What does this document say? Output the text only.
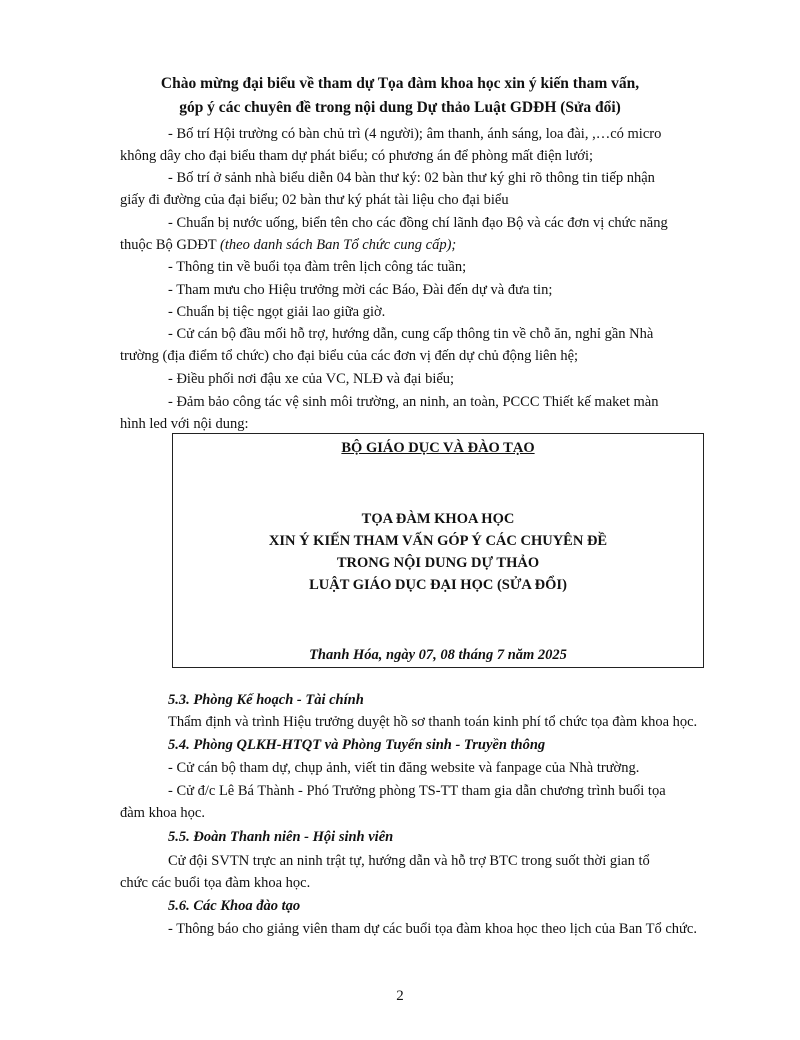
Chào mừng đại biểu về tham dự Tọa đàm khoa học xin ý kiến tham vấn,
góp ý các chuyên đề trong nội dung Dự thảo Luật GDĐH (Sửa đổi)
- Bố trí Hội trường có bàn chủ trì (4 người); âm thanh, ánh sáng, loa đài, ,…có micro
không dây cho đại biểu tham dự phát biểu; có phương án để phòng mất điện lưới;
- Bố trí ở sảnh nhà biểu diễn 04 bàn thư ký: 02 bàn thư ký ghi rõ thông tin tiếp nhận
giấy đi đường của đại biểu; 02 bàn thư ký phát tài liệu cho đại biểu
- Chuẩn bị nước uống, biển tên cho các đồng chí lãnh đạo Bộ và các đơn vị chức năng
thuộc Bộ GDĐT (theo danh sách Ban Tổ chức cung cấp);
- Thông tin về buổi tọa đàm trên lịch công tác tuần;
- Tham mưu cho Hiệu trưởng mời các Báo, Đài đến dự và đưa tin;
- Chuẩn bị tiệc ngọt giải lao giữa giờ.
- Cử cán bộ đầu mối hỗ trợ, hướng dẫn, cung cấp thông tin về chỗ ăn, nghỉ gần Nhà
trường (địa điểm tổ chức) cho đại biểu của các đơn vị đến dự chủ động liên hệ;
- Điều phối nơi đậu xe của VC, NLĐ và đại biểu;
- Đảm bảo công tác vệ sinh môi trường, an ninh, an toàn, PCCC Thiết kế maket màn
hình led với nội dung:
BỘ GIÁO DỤC VÀ ĐÀO TẠO
TỌA ĐÀM KHOA HỌC
XIN Ý KIẾN THAM VẤN GÓP Ý CÁC CHUYÊN ĐỀ
TRONG NỘI DUNG DỰ THẢO
LUẬT GIÁO DỤC ĐẠI HỌC (SỬA ĐỔI)
Thanh Hóa, ngày 07, 08 tháng 7 năm 2025
5.3. Phòng Kế hoạch - Tài chính
Thẩm định và trình Hiệu trưởng duyệt hồ sơ thanh toán kinh phí tổ chức tọa đàm khoa học.
5.4. Phòng QLKH-HTQT và Phòng Tuyển sinh - Truyền thông
- Cử cán bộ tham dự, chụp ảnh, viết tin đăng website và fanpage của Nhà trường.
- Cử đ/c Lê Bá Thành - Phó Trưởng phòng TS-TT tham gia dẫn chương trình buổi tọa
đàm khoa học.
5.5. Đoàn Thanh niên - Hội sinh viên
Cử đội SVTN trực an ninh trật tự, hướng dẫn và hỗ trợ BTC trong suốt thời gian tổ
chức các buổi tọa đàm khoa học.
5.6. Các Khoa đào tạo
- Thông báo cho giảng viên tham dự các buổi tọa đàm khoa học theo lịch của Ban Tổ chức.
2
